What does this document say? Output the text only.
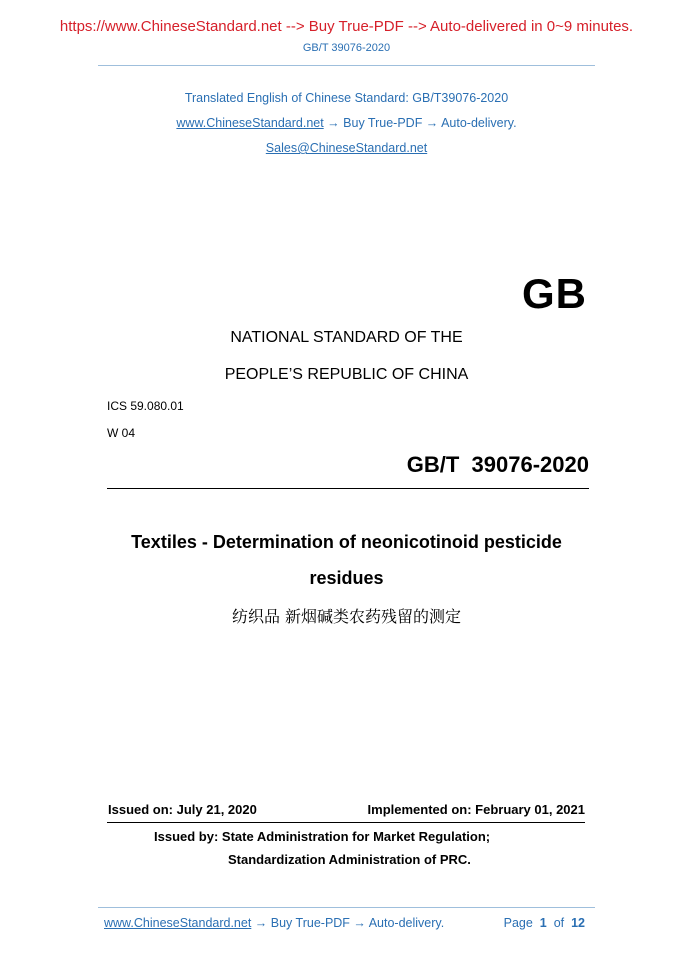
https://www.ChineseStandard.net --> Buy True-PDF --> Auto-delivered in 0~9 minutes.
GB/T 39076-2020
Translated English of Chinese Standard: GB/T39076-2020
www.ChineseStandard.net → Buy True-PDF → Auto-delivery.
Sales@ChineseStandard.net
GB
NATIONAL STANDARD OF THE
PEOPLE’S REPUBLIC OF CHINA
ICS 59.080.01
W 04
GB/T 39076-2020
Textiles - Determination of neonicotinoid pesticide
residues
纺织品 新烟碱类农药残留的测定
Issued on: July 21, 2020	Implemented on: February 01, 2021
Issued by: State Administration for Market Regulation;
Standardization Administration of PRC.
www.ChineseStandard.net → Buy True-PDF → Auto-delivery.	Page 1 of 12
